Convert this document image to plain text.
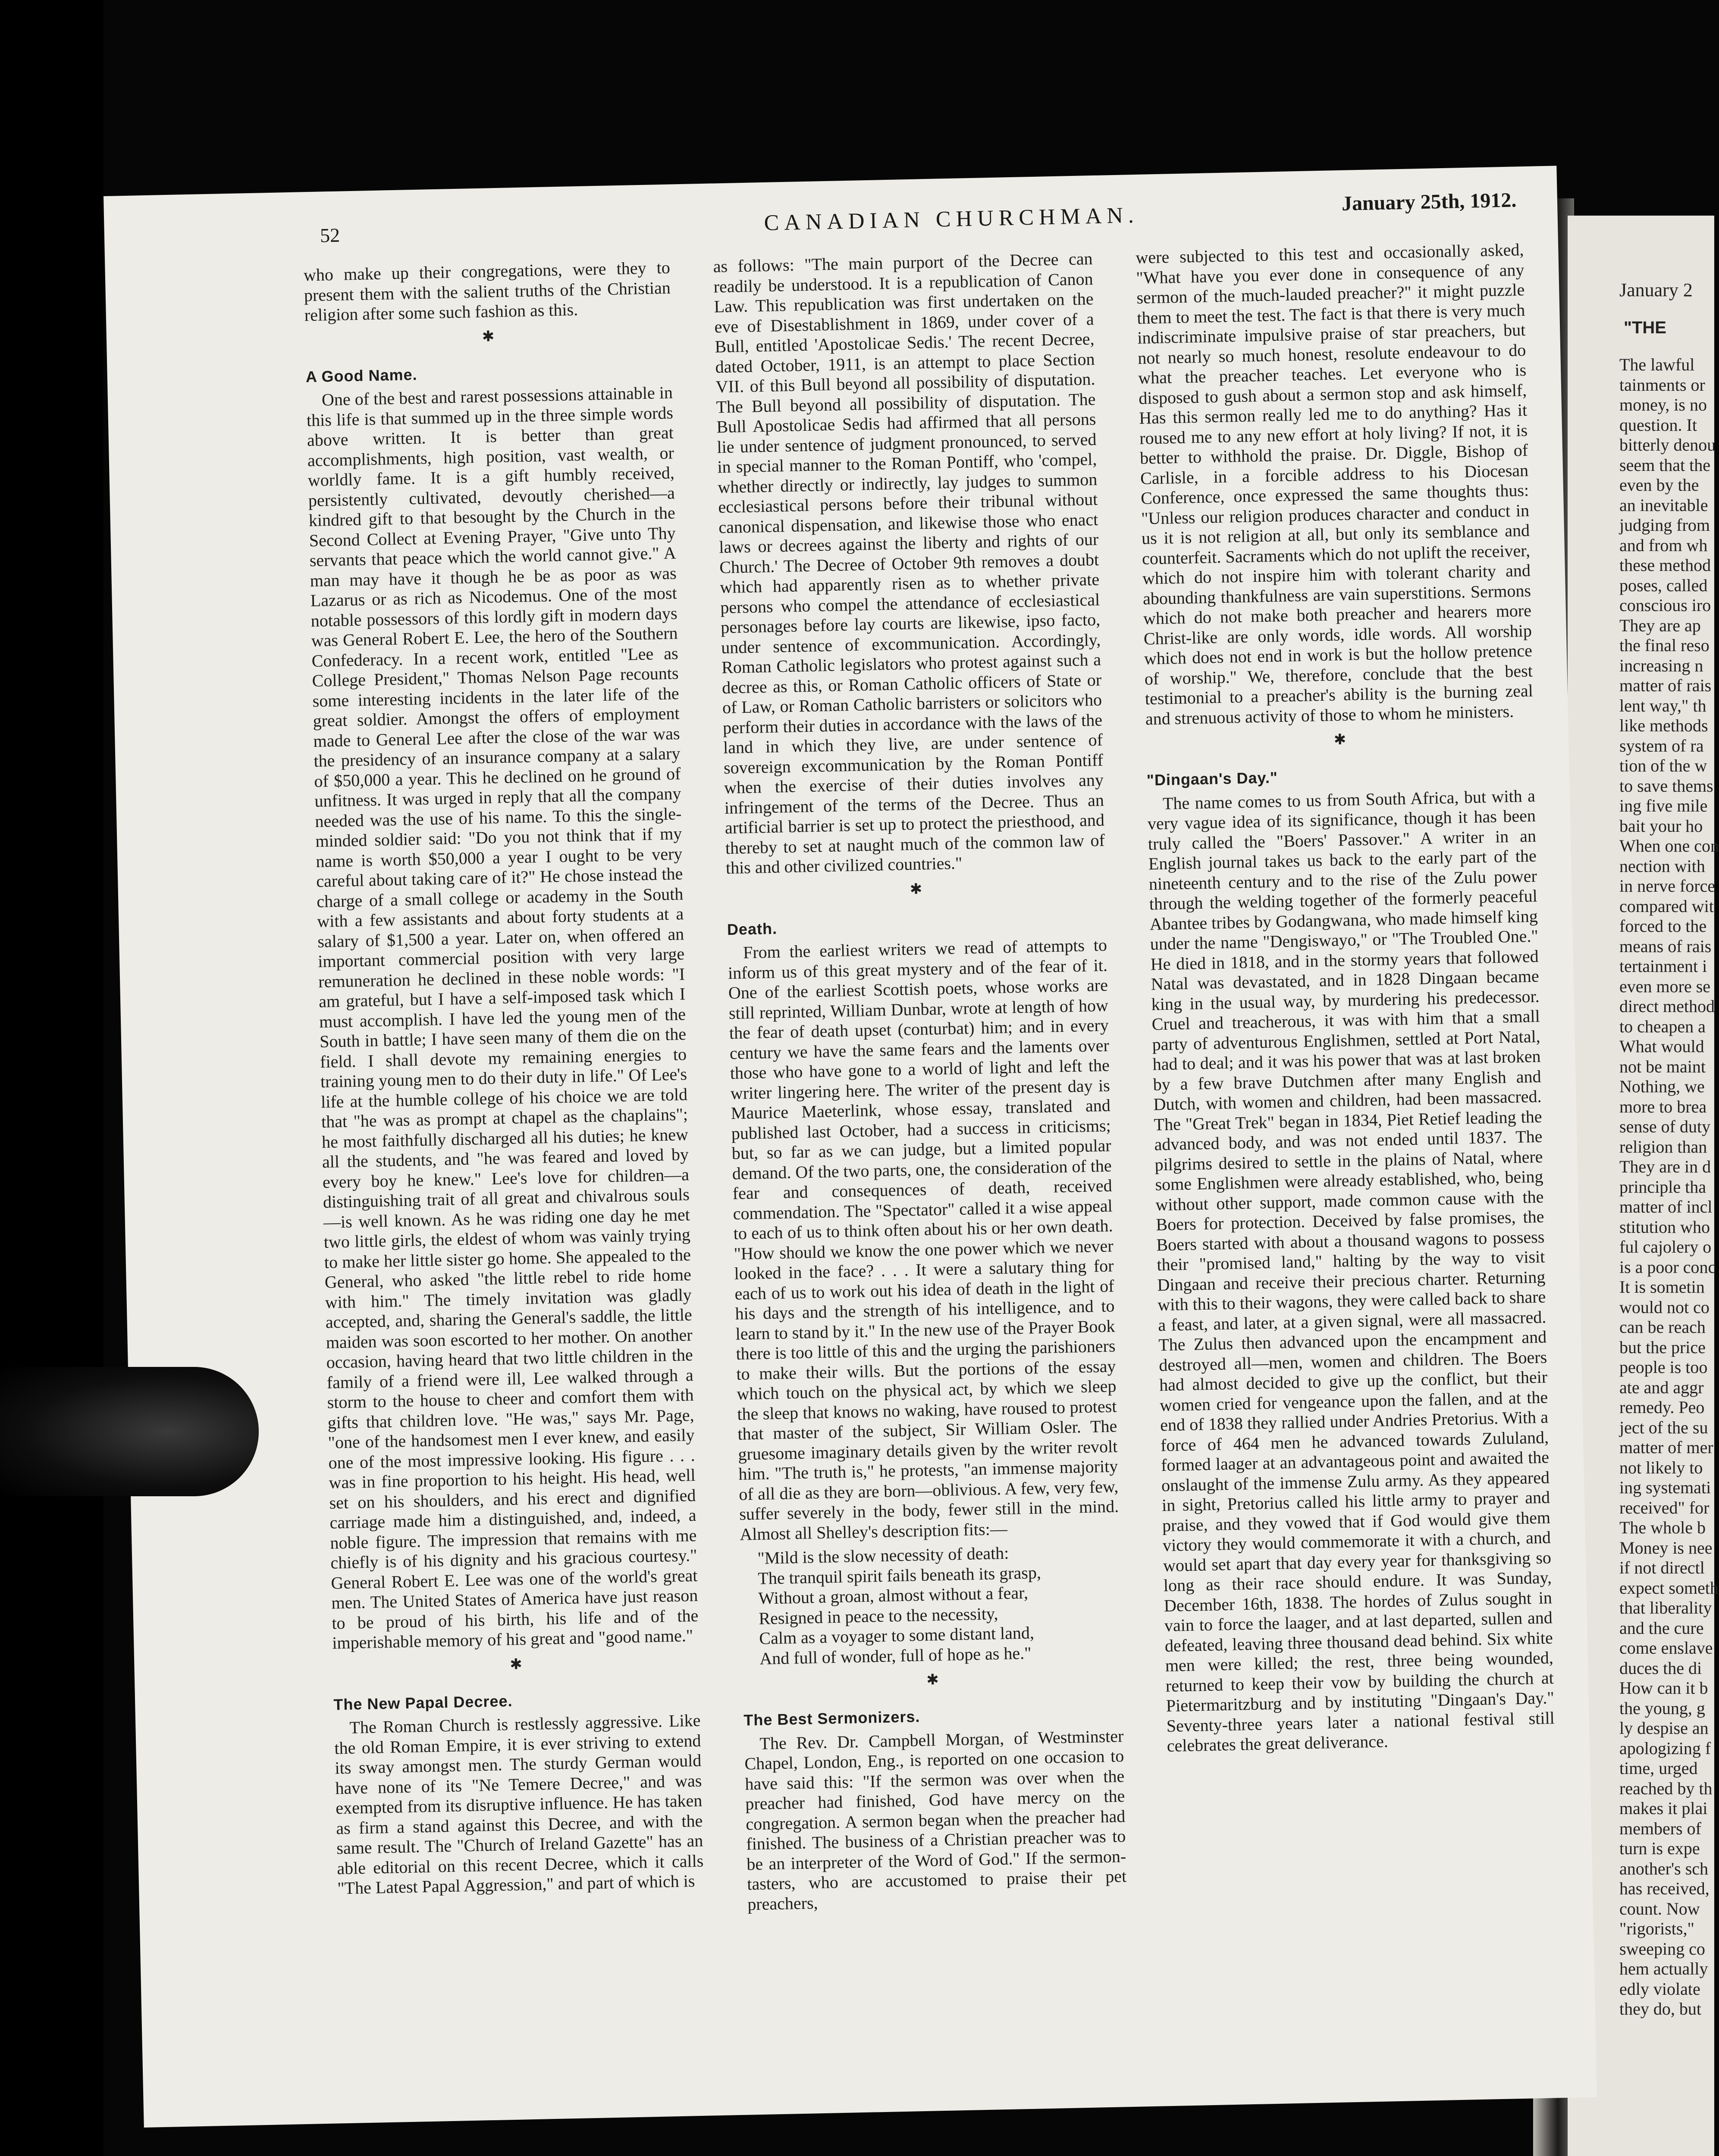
January 2
"THE
The lawful
tainments or
money, is no
question. It
bitterly denou
seem that the
even by the
an inevitable
judging from
and from wh
these method
poses, called
conscious iro
They are ap
the final reso
increasing n
matter of rais
lent way," th
like methods
system of ra
tion of the w
to save thems
ing five mile
bait your ho
When one con
nection with
in nerve force
compared wit
forced to the
means of rais
tertainment i
even more se
direct method
to cheapen a
What would
not be maint
Nothing, we
more to brea
sense of duty
religion than
They are in d
principle tha
matter of incl
stitution who
ful cajolery o
is a poor conc
It is sometin
would not co
can be reach
but the price
people is too
ate and aggr
remedy. Peo
ject of the su
matter of mer
not likely to
ing systemati
received" for
The whole b
Money is nee
if not directl
expect someth
that liberality
and the cure
come enslave
duces the di
How can it b
the young, g
ly despise an
apologizing f
time, urged
reached by th
makes it plai
members of
turn is expe
another's sch
has received,
count. Now
"rigorists,"
sweeping co
hem actually
edly violate
they do, but
52	CANADIAN CHURCHMAN.
January 25th, 1912.

who make up their congregations, were they to present them with the salient truths of the Christian religion after some such fashion as this.

✱
A Good Name.

One of the best and rarest possessions attainable in this life is that summed up in the three simple words above written. It is better than great accomplishments, high position, vast wealth, or worldly fame. It is a gift humbly received, persistently cultivated, devoutly cherished—a kindred gift to that besought by the Church in the Second Collect at Evening Prayer, "Give unto Thy servants that peace which the world cannot give." A man may have it though he be as poor as was Lazarus or as rich as Nicodemus. One of the most notable possessors of this lordly gift in modern days was General Robert E. Lee, the hero of the Southern Confederacy. In a recent work, entitled "Lee as College President," Thomas Nelson Page recounts some interesting incidents in the later life of the great soldier. Amongst the offers of employment made to General Lee after the close of the war was the presidency of an insurance company at a salary of $50,000 a year. This he declined on he ground of unfitness. It was urged in reply that all the company needed was the use of his name. To this the single-minded soldier said: "Do you not think that if my name is worth $50,000 a year I ought to be very careful about taking care of it?" He chose instead the charge of a small college or academy in the South with a few assistants and about forty students at a salary of $1,500 a year. Later on, when offered an important commercial position with very large remuneration he declined in these noble words: "I am grateful, but I have a self-imposed task which I must accomplish. I have led the young men of the South in battle; I have seen many of them die on the field. I shall devote my remaining energies to training young men to do their duty in life." Of Lee's life at the humble college of his choice we are told that "he was as prompt at chapel as the chaplains"; he most faithfully discharged all his duties; he knew all the students, and "he was feared and loved by every boy he knew." Lee's love for children—a distinguishing trait of all great and chivalrous souls—is well known. As he was riding one day he met two little girls, the eldest of whom was vainly trying to make her little sister go home. She appealed to the General, who asked "the little rebel to ride home with him." The timely invitation was gladly accepted, and, sharing the General's saddle, the little maiden was soon escorted to her mother. On another occasion, having heard that two little children in the family of a friend were ill, Lee walked through a storm to the house to cheer and comfort them with gifts that children love. "He was," says Mr. Page, "one of the handsomest men I ever knew, and easily one of the most impressive looking. His figure . . . was in fine proportion to his height. His head, well set on his shoulders, and his erect and dignified carriage made him a distinguished, and, indeed, a noble figure. The impression that remains with me chiefly is of his dignity and his gracious courtesy." General Robert E. Lee was one of the world's great men. The United States of America have just reason to be proud of his birth, his life and of the imperishable memory of his great and "good name."

✱
The New Papal Decree.

The Roman Church is restlessly aggressive. Like the old Roman Empire, it is ever striving to extend its sway amongst men. The sturdy German would have none of its "Ne Temere Decree," and was exempted from its disruptive influence. He has taken as firm a stand against this Decree, and with the same result. The "Church of Ireland Gazette" has an able editorial on this recent Decree, which it calls "The Latest Papal Aggression," and part of which is

as follows: "The main purport of the Decree can readily be understood. It is a republication of Canon Law. This republication was first undertaken on the eve of Disestablishment in 1869, under cover of a Bull, entitled 'Apostolicae Sedis.' The recent Decree, dated October, 1911, is an attempt to place Section VII. of this Bull beyond all possibility of disputation. The Bull beyond all possibility of disputation. The Bull Apostolicae Sedis had affirmed that all persons lie under sentence of judgment pronounced, to served in special manner to the Roman Pontiff, who 'compel, whether directly or indirectly, lay judges to summon ecclesiastical persons before their tribunal without canonical dispensation, and likewise those who enact laws or decrees against the liberty and rights of our Church.' The Decree of October 9th removes a doubt which had apparently risen as to whether private persons who compel the attendance of ecclesiastical personages before lay courts are likewise, ipso facto, under sentence of excommunication. Accordingly, Roman Catholic legislators who protest against such a decree as this, or Roman Catholic officers of State or of Law, or Roman Catholic barristers or solicitors who perform their duties in accordance with the laws of the land in which they live, are under sentence of sovereign excommunication by the Roman Pontiff when the exercise of their duties involves any infringement of the terms of the Decree. Thus an artificial barrier is set up to protect the priesthood, and thereby to set at naught much of the common law of this and other civilized countries."

✱
Death.

From the earliest writers we read of attempts to inform us of this great mystery and of the fear of it. One of the earliest Scottish poets, whose works are still reprinted, William Dunbar, wrote at length of how the fear of death upset (conturbat) him; and in every century we have the same fears and the laments over those who have gone to a world of light and left the writer lingering here. The writer of the present day is Maurice Maeterlink, whose essay, translated and published last October, had a success in criticisms; but, so far as we can judge, but a limited popular demand. Of the two parts, one, the consideration of the fear and consequences of death, received commendation. The "Spectator" called it a wise appeal to each of us to think often about his or her own death. "How should we know the one power which we never looked in the face? . . . It were a salutary thing for each of us to work out his idea of death in the light of his days and the strength of his intelligence, and to learn to stand by it." In the new use of the Prayer Book there is too little of this and the urging the parishioners to make their wills. But the portions of the essay which touch on the physical act, by which we sleep the sleep that knows no waking, have roused to protest that master of the subject, Sir William Osler. The gruesome imaginary details given by the writer revolt him. "The truth is," he protests, "an immense majority of all die as they are born—oblivious. A few, very few, suffer severely in the body, fewer still in the mind. Almost all Shelley's description fits:—

"Mild is the slow necessity of death:
The tranquil spirit fails beneath its grasp,
Without a groan, almost without a fear,
Resigned in peace to the necessity,
Calm as a voyager to some distant land,
And full of wonder, full of hope as he."
✱
The Best Sermonizers.

The Rev. Dr. Campbell Morgan, of Westminster Chapel, London, Eng., is reported on one occasion to have said this: "If the sermon was over when the preacher had finished, God have mercy on the congregation. A sermon began when the preacher had finished. The business of a Christian preacher was to be an interpreter of the Word of God." If the sermon-tasters, who are accustomed to praise their pet preachers,

were subjected to this test and occasionally asked, "What have you ever done in consequence of any sermon of the much-lauded preacher?" it might puzzle them to meet the test. The fact is that there is very much indiscriminate impulsive praise of star preachers, but not nearly so much honest, resolute endeavour to do what the preacher teaches. Let everyone who is disposed to gush about a sermon stop and ask himself, Has this sermon really led me to do anything? Has it roused me to any new effort at holy living? If not, it is better to withhold the praise. Dr. Diggle, Bishop of Carlisle, in a forcible address to his Diocesan Conference, once expressed the same thoughts thus: "Unless our religion produces character and conduct in us it is not religion at all, but only its semblance and counterfeit. Sacraments which do not uplift the receiver, which do not inspire him with tolerant charity and abounding thankfulness are vain superstitions. Sermons which do not make both preacher and hearers more Christ-like are only words, idle words. All worship which does not end in work is but the hollow pretence of worship." We, therefore, conclude that the best testimonial to a preacher's ability is the burning zeal and strenuous activity of those to whom he ministers.

✱
"Dingaan's Day."

The name comes to us from South Africa, but with a very vague idea of its significance, though it has been truly called the "Boers' Passover." A writer in an English journal takes us back to the early part of the nineteenth century and to the rise of the Zulu power through the welding together of the formerly peaceful Abantee tribes by Godangwana, who made himself king under the name "Dengiswayo," or "The Troubled One." He died in 1818, and in the stormy years that followed Natal was devastated, and in 1828 Dingaan became king in the usual way, by murdering his predecessor. Cruel and treacherous, it was with him that a small party of adventurous Englishmen, settled at Port Natal, had to deal; and it was his power that was at last broken by a few brave Dutchmen after many English and Dutch, with women and children, had been massacred. The "Great Trek" began in 1834, Piet Retief leading the advanced body, and was not ended until 1837. The pilgrims desired to settle in the plains of Natal, where some Englishmen were already established, who, being without other support, made common cause with the Boers for protection. Deceived by false promises, the Boers started with about a thousand wagons to possess their "promised land," halting by the way to visit Dingaan and receive their precious charter. Returning with this to their wagons, they were called back to share a feast, and later, at a given signal, were all massacred. The Zulus then advanced upon the encampment and destroyed all—men, women and children. The Boers had almost decided to give up the conflict, but their women cried for vengeance upon the fallen, and at the end of 1838 they rallied under Andries Pretorius. With a force of 464 men he advanced towards Zululand, formed laager at an advantageous point and awaited the onslaught of the immense Zulu army. As they appeared in sight, Pretorius called his little army to prayer and praise, and they vowed that if God would give them victory they would commemorate it with a church, and would set apart that day every year for thanksgiving so long as their race should endure. It was Sunday, December 16th, 1838. The hordes of Zulus sought in vain to force the laager, and at last departed, sullen and defeated, leaving three thousand dead behind. Six white men were killed; the rest, three being wounded, returned to keep their vow by building the church at Pietermaritzburg and by instituting "Dingaan's Day." Seventy-three years later a national festival still celebrates the great deliverance.
